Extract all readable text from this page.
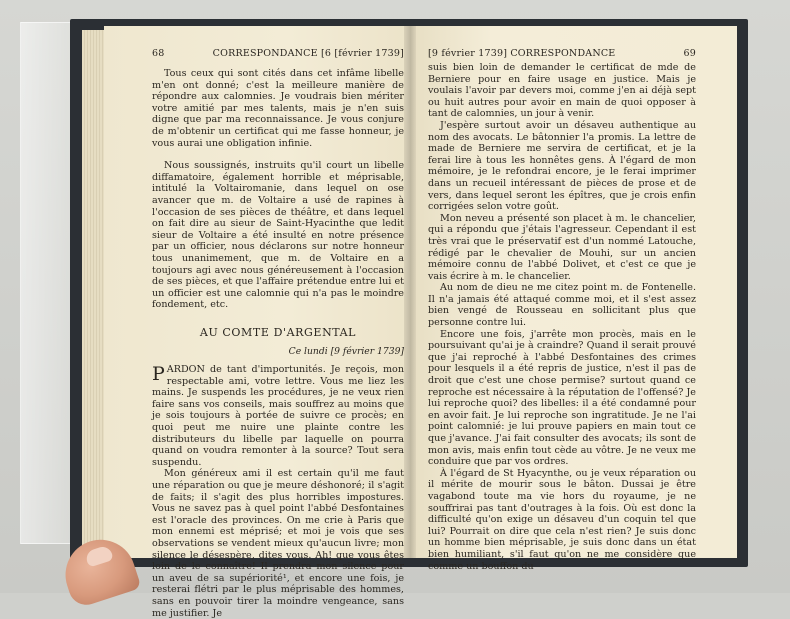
68	CORRESPONDANCE [6 [février 1739]

Tous ceux qui sont cités dans cet infâme libelle m'en ont donné; c'est la meilleure manière de répondre aux calomnies. Je voudrais bien mériter votre amitié par mes talents, mais je n'en suis digne que par ma reconnaissance. Je vous conjure de m'obtenir un certificat qui me fasse honneur, je vous aurai une obligation infinie.

Nous soussignés, instruits qu'il court un libelle diffamatoire, également horrible et méprisable, intitulé la Voltairomanie, dans lequel on ose avancer que m. de Voltaire a usé de rapines à l'occasion de ses pièces de théâtre, et dans lequel on fait dire au sieur de Saint-Hyacinthe que ledit sieur de Voltaire a été insulté en notre présence par un officier, nous déclarons sur notre honneur tous unanimement, que m. de Voltaire en a toujours agi avec nous généreusement à l'occasion de ses pièces, et que l'affaire prétendue entre lui et un officier est une calomnie qui n'a pas le moindre fondement, etc.

AU COMTE D'ARGENTAL
Ce lundi [9 février 1739]

PARDON de tant d'importunités. Je reçois, mon respectable ami, votre lettre. Vous me liez les mains. Je suspends les procédures, je ne veux rien faire sans vos conseils, mais souffrez au moins que je sois toujours à portée de suivre ce procès; en quoi peut me nuire une plainte contre les distributeurs du libelle par laquelle on pourra quand on voudra remonter à la source? Tout sera suspendu.

Mon généreux ami il est certain qu'il me faut une réparation ou que je meure déshonoré; il s'agit de faits; il s'agit des plus horribles impostures. Vous ne savez pas à quel point l'abbé Desfontaines est l'oracle des provinces. On me crie à Paris que mon ennemi est méprisé; et moi je vois que ses observations se vendent mieux qu'aucun livre; mon silence le désespère, dites vous. Ah! que vous êtes loin de le connaître! Il prendra mon silence pour un aveu de sa supériorité¹, et encore une fois, je resterai flétri par le plus méprisable des hommes, sans en pouvoir tirer la moindre vengeance, sans me justifier. Je

[9 février 1739] CORRESPONDANCE	69

suis bien loin de demander le certificat de mde de Berniere pour en faire usage en justice. Mais je voulais l'avoir par devers moi, comme j'en ai déjà sept ou huit autres pour avoir en main de quoi opposer à tant de calomnies, un jour à venir.

J'espère surtout avoir un désaveu authentique au nom des avocats. Le bâtonnier l'a promis. La lettre de made de Berniere me servira de certificat, et je la ferai lire à tous les honnêtes gens. À l'égard de mon mémoire, je le refondrai encore, je le ferai imprimer dans un recueil intéressant de pièces de prose et de vers, dans lequel seront les épîtres, que je crois enfin corrigées selon votre goût.

Mon neveu a présenté son placet à m. le chancelier, qui a répondu que j'étais l'agresseur. Cependant il est très vrai que le préservatif est d'un nommé Latouche, rédigé par le chevalier de Mouhi, sur un ancien mémoire connu de l'abbé Dolivet, et c'est ce que je vais écrire à m. le chancelier.

Au nom de dieu ne me citez point m. de Fontenelle. Il n'a jamais été attaqué comme moi, et il s'est assez bien vengé de Rousseau en sollicitant plus que personne contre lui.

Encore une fois, j'arrête mon procès, mais en le poursuivant qu'ai je à craindre? Quand il serait prouvé que j'ai reproché à l'abbé Desfontaines des crimes pour lesquels il a été repris de justice, n'est il pas de droit que c'est une chose permise? surtout quand ce reproche est nécessaire à la réputation de l'offensé? Je lui reproche quoi? des libelles: il a été condamné pour en avoir fait. Je lui reproche son ingratitude. Je ne l'ai point calomnié: je lui prouve papiers en main tout ce que j'avance. J'ai fait consulter des avocats; ils sont de mon avis, mais enfin tout cède au vôtre. Je ne veux me conduire que par vos ordres.

À l'égard de St Hyacynthe, ou je veux réparation ou il mérite de mourir sous le bâton. Dussai je être vagabond toute ma vie hors du royaume, je ne souffrirai pas tant d'outrages à la fois. Où est donc la difficulté qu'on exige un désaveu d'un coquin tel que lui? Pourrait on dire que cela n'est rien? Je suis donc un homme bien méprisable, je suis donc dans un état bien humiliant, s'il faut qu'on ne me considère que comme un bouffon du
